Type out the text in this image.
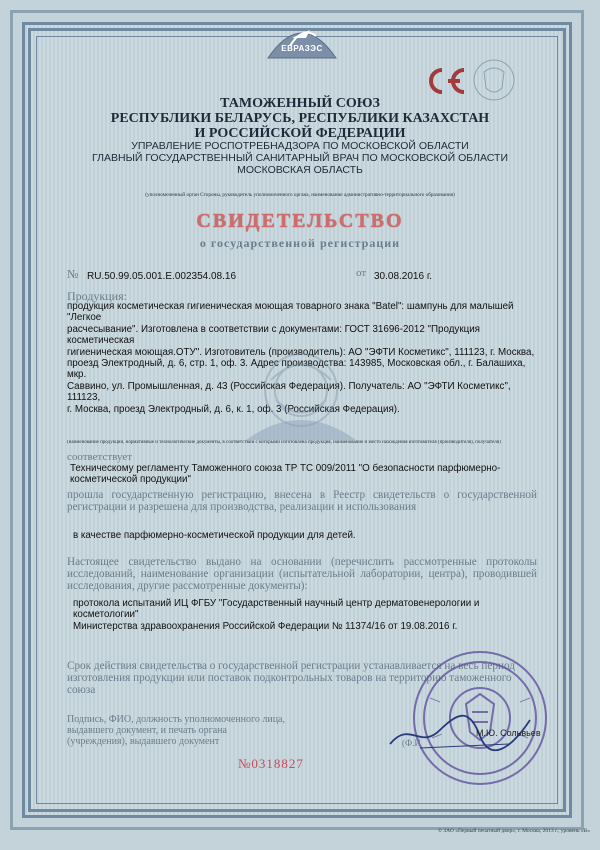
ЕВРАЗЭС
ТАМОЖЕННЫЙ СОЮЗ
РЕСПУБЛИКИ БЕЛАРУСЬ, РЕСПУБЛИКИ КАЗАХСТАН
И РОССИЙСКОЙ ФЕДЕРАЦИИ
УПРАВЛЕНИЕ РОСПОТРЕБНАДЗОРА ПО МОСКОВСКОЙ ОБЛАСТИ
ГЛАВНЫЙ ГОСУДАРСТВЕННЫЙ САНИТАРНЫЙ ВРАЧ ПО МОСКОВСКОЙ ОБЛАСТИ
МОСКОВСКАЯ ОБЛАСТЬ
(уполномоченный орган Стороны, руководитель уполномоченного органа, наименование административно-территориального образования)
СВИДЕТЕЛЬСТВО
о государственной регистрации
№ RU.50.99.05.001.Е.002354.08.16	от 30.08.2016 г.
Продукция:
продукция косметическая гигиеническая моющая товарного знака "Batel": шампунь для малышей "Легкое
расчесывание". Изготовлена в соответствии с документами: ГОСТ 31696-2012 "Продукция косметическая
гигиеническая моющая.ОТУ". Изготовитель (производитель): АО "ЭФТИ Косметикс", 111123, г. Москва,
проезд Электродный, д. 6, стр. 1, оф. 3. Адрес производства: 143985, Московская обл., г. Балашиха, мкр.
Саввино, ул. Промышленная, д. 43 (Российская Федерация). Получатель: АО "ЭФТИ Косметикс", 111123,
г. Москва, проезд Электродный, д. 6, к. 1, оф. 3 (Российская Федерация).
(наименование продукции, нормативные и технологические документы, в соответствии с которыми изготовлена продукция, наименование и место нахождения изготовителя (производителя), получателя)
соответствует
Техническому регламенту Таможенного союза ТР ТС 009/2011 "О безопасности парфюмерно-
косметической продукции"
прошла государственную регистрацию, внесена в Реестр свидетельств о государственной регистрации и разрешена для производства, реализации и использования
в качестве парфюмерно-косметической продукции для детей.
Настоящее свидетельство выдано на основании (перечислить рассмотренные протоколы исследований, наименование организации (испытательной лаборатории, центра), проводившей исследования, другие рассмотренные документы):
протокола испытаний ИЦ ФГБУ "Государственный научный центр дерматовенерологии и косметологии"
Министерства здравоохранения Российской Федерации № 11374/16 от 19.08.2016 г.
Срок действия свидетельства о государственной регистрации устанавливается на весь период изготовления продукции или поставок подконтрольных товаров на территорию таможенного союза
Подпись, ФИО, должность уполномоченного лица, выдавшего документ, и печать органа (учреждения), выдавшего документ	(Ф.И
М.Ю. Сольвьев
№0318827
© ЗАО «Первый печатный двор», г. Москва, 2013 г., уровень «В»
